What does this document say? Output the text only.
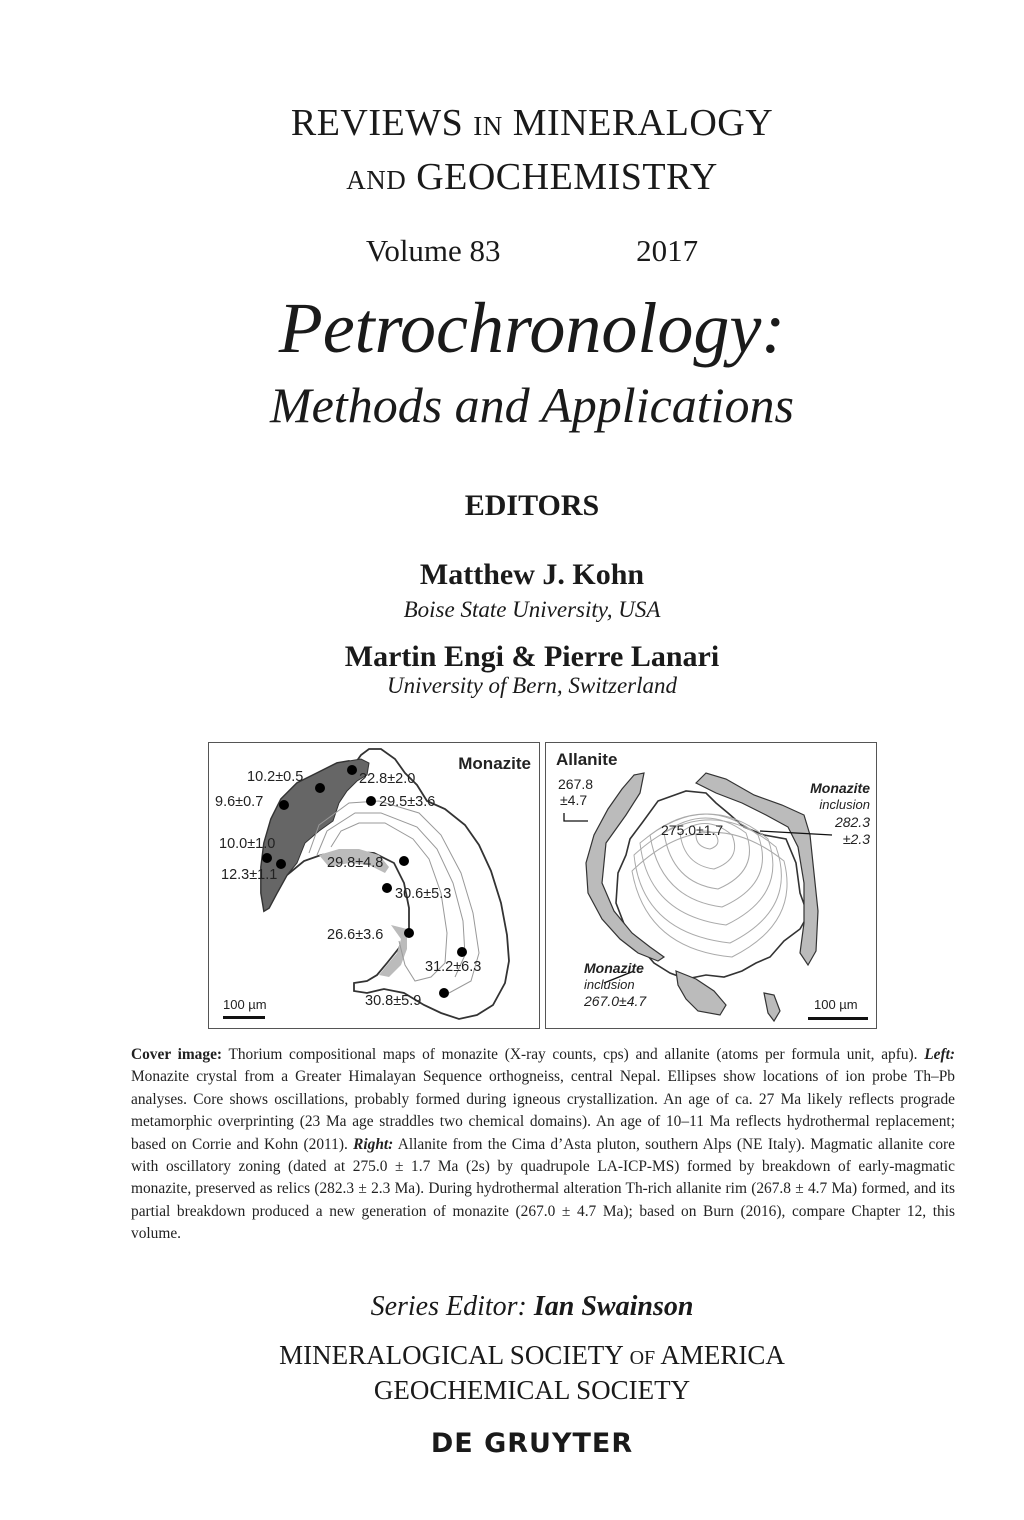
REVIEWS IN MINERALOGY
AND GEOCHEMISTRY
Volume 83	2017
Petrochronology:
Methods and Applications
EDITORS
Matthew J. Kohn
Boise State University, USA
Martin Engi & Pierre Lanari
University of Bern, Switzerland
Monazite
10.2±0.5	22.8±2.0
9.6±0.7	29.5±3.6
10.0±1.0
12.3±1.1
29.8±4.8
30.6±5.3
26.6±3.6
31.2±6.3
30.8±5.9
100 µm
Allanite
267.8
±4.7
275.0±1.7
Monazite
inclusion
282.3
±2.3
Monazite
inclusion
267.0±4.7	100 µm
Cover image: Thorium compositional maps of monazite (X-ray counts, cps) and allanite (atoms per formula unit, apfu). Left: Monazite crystal from a Greater Himalayan Sequence orthogneiss, central Nepal. Ellipses show locations of ion probe Th–Pb analyses. Core shows oscillations, probably formed during igneous crystallization. An age of ca. 27 Ma likely reflects prograde metamorphic overprinting (23 Ma age straddles two chemical domains). An age of 10–11 Ma reflects hydrothermal replacement; based on Corrie and Kohn (2011). Right: Allanite from the Cima d’Asta pluton, southern Alps (NE Italy). Magmatic allanite core with oscillatory zoning (dated at 275.0 ± 1.7 Ma (2s) by quadrupole LA-ICP-MS) formed by breakdown of early-magmatic monazite, preserved as relics (282.3 ± 2.3 Ma). During hydrothermal alteration Th-rich allanite rim (267.8 ± 4.7 Ma) formed, and its partial breakdown produced a new generation of monazite (267.0 ± 4.7 Ma); based on Burn (2016), compare Chapter 12, this volume.
Series Editor: Ian Swainson
MINERALOGICAL SOCIETY OF AMERICA
GEOCHEMICAL SOCIETY
DE GRUYTER
